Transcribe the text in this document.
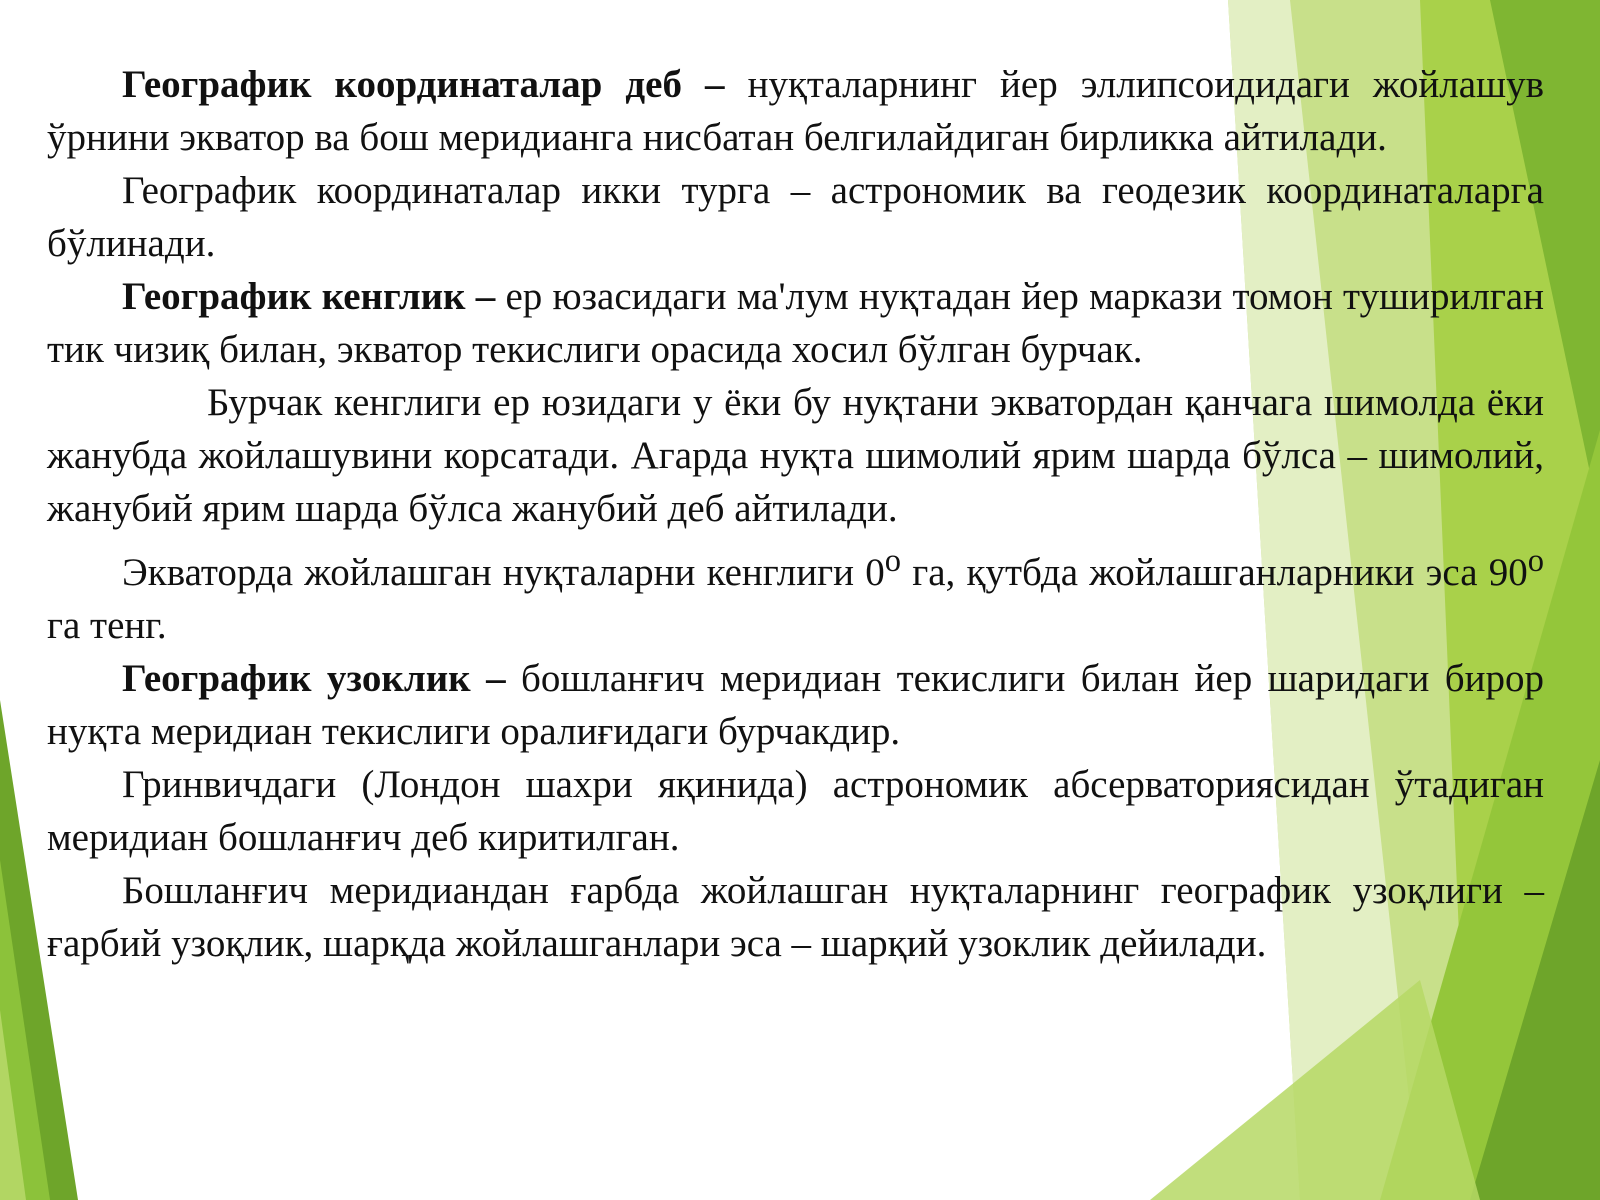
Географик координаталар деб – нуқталарнинг йер эллипсоидидаги жойлашув ўрнини экватор ва бош меридианга нисбатан белгилайдиган бирликка айтилади.

Географик координаталар икки турга – астрономик ва геодезик координаталарга бўлинади.

Географик кенглик – ер юзасидаги ма'лум нуқтадан йер маркази томон туширилган тик чизиқ билан, экватор текислиги орасида хосил бўлган бурчак.

Бурчак кенглиги ер юзидаги у ёки бу нуқтани экватордан қанчага шимолда ёки жанубда жойлашувини корсатади. Агарда нуқта шимолий ярим шарда бўлса – шимолий, жанубий ярим шарда бўлса жанубий деб айтилади.

Экваторда жойлашган нуқталарни кенглиги $0^о$ га, қутбда жойлашганларники эса $90^о$ га тенг.

Географик узоклик – бошланғич меридиан текислиги билан йер шаридаги бирор нуқта меридиан текислиги оралиғидаги бурчакдир.

Гринвичдаги (Лондон шахри яқинида) астрономик абсерваториясидан ўтадиган меридиан бошланғич деб киритилган.

Бошланғич меридиандан ғарбда жойлашган нуқталарнинг географик узоқлиги – ғарбий узоқлик, шарқда жойлашганлари эса – шарқий узоклик дейилади.
